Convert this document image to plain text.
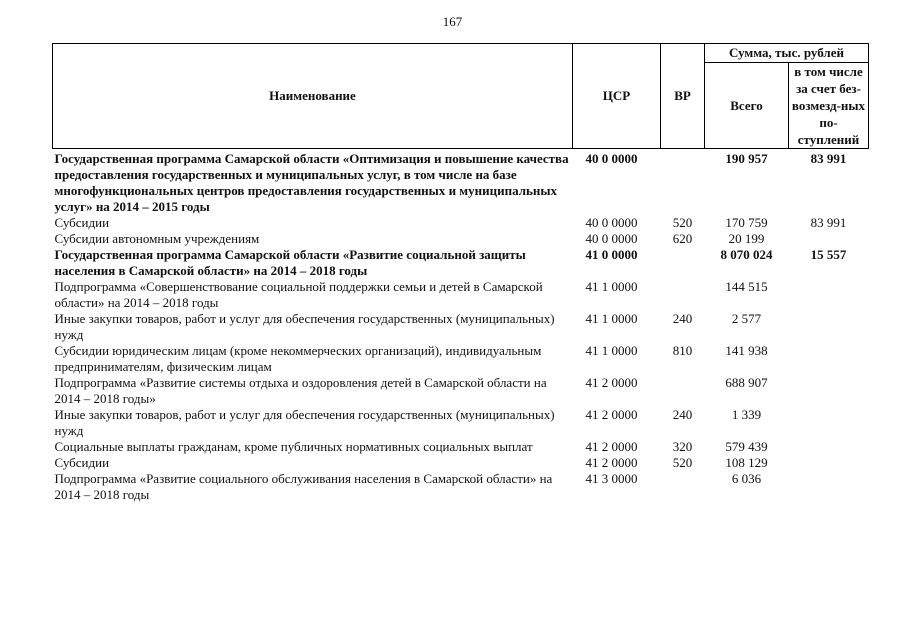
167
Наименование	ЦСР	ВР	Сумма, тыс. рублей	
			Всего	в том числе за счет без-возмезд-ных по-ступлений
Государственная программа Самарской области «Оптимизация и повышение качества предоставления государственных и муниципальных услуг, в том числе на базе многофункциональных центров предоставления государственных и муниципальных услуг» на 2014 – 2015 годы	40 0 0000		190 957	83 991
Субсидии	40 0 0000	520	170 759	83 991
Субсидии автономным учреждениям	40 0 0000	620	20 199	
Государственная программа Самарской области «Развитие социальной защиты населения в Самарской области» на 2014 – 2018 годы	41 0 0000		8 070 024	15 557
Подпрограмма «Совершенствование социальной поддержки семьи и детей в Самарской области» на 2014 – 2018 годы	41 1 0000		144 515	
Иные закупки товаров, работ и услуг для обеспечения государственных (муниципальных) нужд	41 1 0000	240	2 577	
Субсидии юридическим лицам (кроме некоммерческих организаций), индивидуальным предпринимателям, физическим лицам	41 1 0000	810	141 938	
Подпрограмма «Развитие системы отдыха и оздоровления детей в Самарской области на 2014 – 2018 годы»	41 2 0000		688 907	
Иные закупки товаров, работ и услуг для обеспечения государственных (муниципальных) нужд	41 2 0000	240	1 339	
Социальные выплаты гражданам, кроме публичных нормативных социальных выплат	41 2 0000	320	579 439	
Субсидии	41 2 0000	520	108 129	
Подпрограмма «Развитие социального обслуживания населения в Самарской области» на 2014 – 2018 годы	41 3 0000		6 036	
